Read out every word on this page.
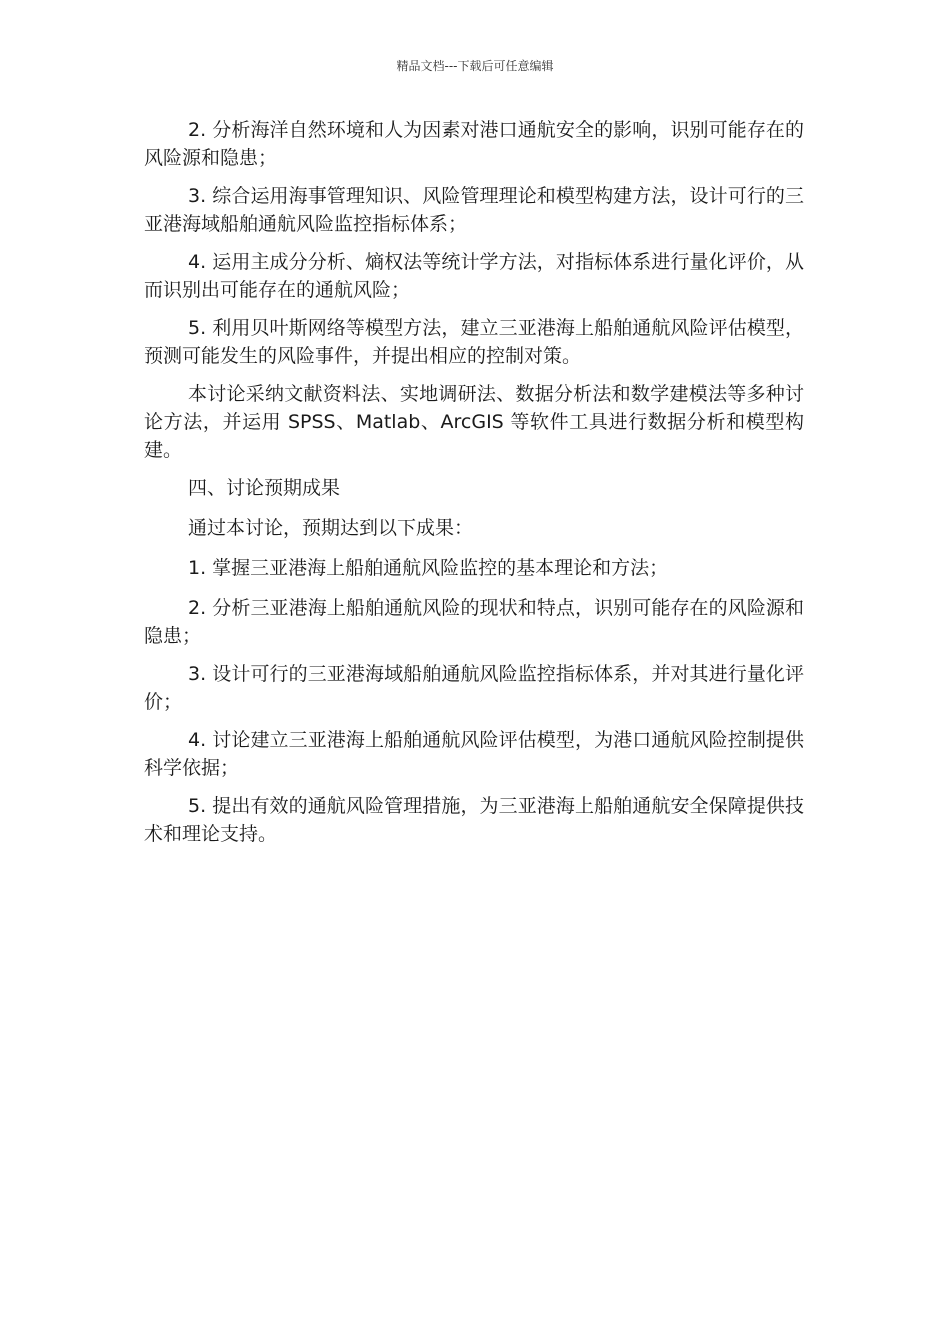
精品文档---下载后可任意编辑

2. 分析海洋自然环境和人为因素对港口通航安全的影响，识别可能存在的风险源和隐患；

3. 综合运用海事管理知识、风险管理理论和模型构建方法，设计可行的三亚港海域船舶通航风险监控指标体系；

4. 运用主成分分析、熵权法等统计学方法，对指标体系进行量化评价，从而识别出可能存在的通航风险；

5. 利用贝叶斯网络等模型方法，建立三亚港海上船舶通航风险评估模型，预测可能发生的风险事件，并提出相应的控制对策。

本讨论采纳文献资料法、实地调研法、数据分析法和数学建模法等多种讨论方法，并运用 SPSS、Matlab、ArcGIS 等软件工具进行数据分析和模型构建。

四、讨论预期成果

通过本讨论，预期达到以下成果：

1. 掌握三亚港海上船舶通航风险监控的基本理论和方法；

2. 分析三亚港海上船舶通航风险的现状和特点，识别可能存在的风险源和隐患；

3. 设计可行的三亚港海域船舶通航风险监控指标体系，并对其进行量化评价；

4. 讨论建立三亚港海上船舶通航风险评估模型，为港口通航风险控制提供科学依据；

5. 提出有效的通航风险管理措施，为三亚港海上船舶通航安全保障提供技术和理论支持。
